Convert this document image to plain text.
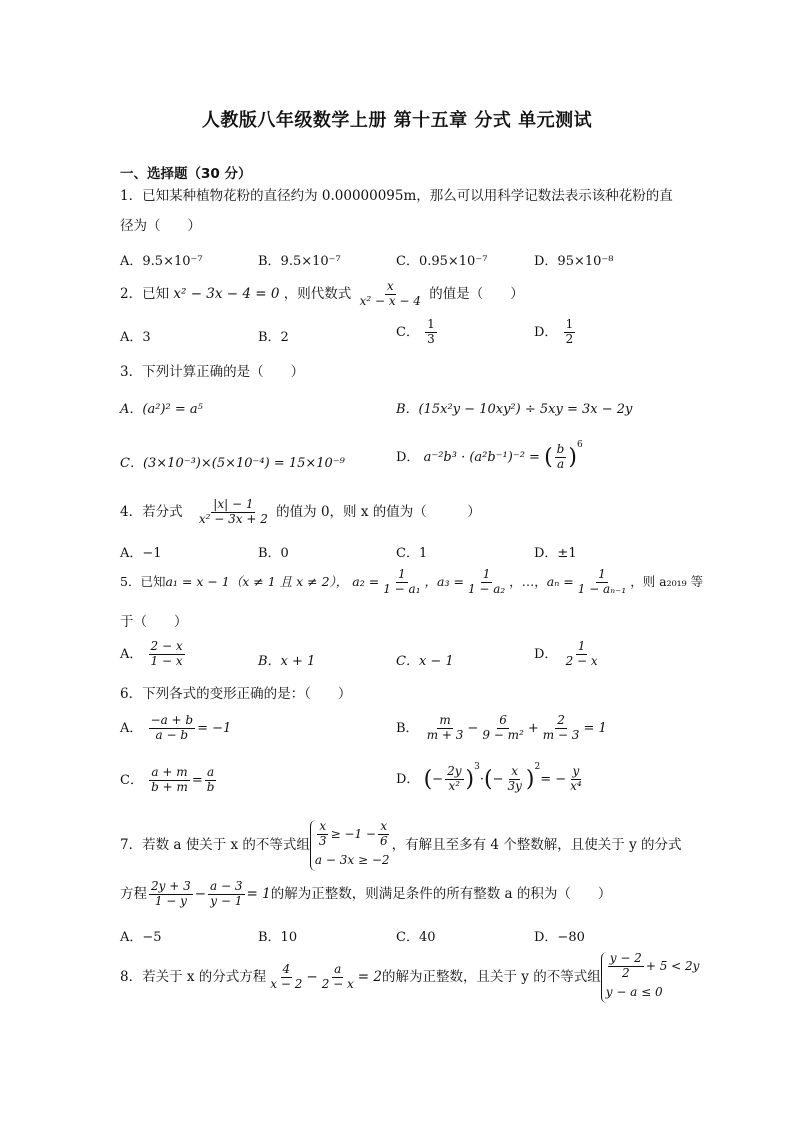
人教版八年级数学上册 第十五章 分式 单元测试
一、选择题（30 分）
1．已知某种植物花粉的直径约为 0.00000095m，那么可以用科学记数法表示该种花粉的直
径为（　　）
A．9.5×10⁻⁷	B．9.5×10⁻⁷	C．0.95×10⁻⁷	D．95×10⁻⁸
2．已知 x² − 3x − 4 = 0 ，则代数式 $\frac{x}{\text{x² − x − 4}}$ 的值是（　　）
A．3	B．2	C． $\frac{1}{3}$	D． $\frac{1}{2}$
3．下列计算正确的是（　　）
A．(a²)² = a⁵	B．(15x²y − 10xy²) ÷ 5xy = 3x − 2y
C．(3×10⁻³)×(5×10⁻⁴) = 15×10⁻⁹	D． a⁻²b³ · (a²b⁻¹)⁻² = ( $\frac{b}{a} )^6$
4．若分式 $\frac{|x| - 1}{\text{x² − 3x + 2}}$ 的值为 0，则 x 的值为（　　　）
A．−1	B．0	C．1	D．±1
5．已知a₁ = x − 1（x ≠ 1 且 x ≠ 2）， $a_2 = \frac{1}{\text{1 − a₁}}$ ，$a_3 = \frac{1}{\text{1 − a₂}}$ ，…，$a_n = \frac{1}{\text{1 − aₙ₋₁}}$ ，则 a₂₀₁₉ 等
于（　　）
A． $\frac{2 - x}{1 - x}$	B．x + 1	C．x − 1	D． $\frac{1}{2 - x}$
6．下列各式的变形正确的是：（　　）
A． $\frac{-a + b}{a - b} = -1$	B． $\frac{m}{m + 3} - \frac{6}{\text{9 − m²}} + \frac{2}{m - 3} = 1$
C． $\frac{a + m}{b + m} = \frac{a}{b}$	D． (− $\frac{2y}{\text{x²}} )^3\cdot(- \frac{x}{3y} )^2= - \frac{y}{\text{x⁴}}$
7．若数 a 使关于 x 的不等式组 $\frac{x}{3} \ge -1 - \frac{x}{6}$
a − 3x ≥ −2
，有解且至多有 4 个整数解，且使关于 y 的分式
方程 $\frac{2y + 3}{1 - y} - \frac{a - 3}{y - 1} = 1$的解为正整数，则满足条件的所有整数 a 的积为（　　）
A．−5	B．10	C．40	D．−80
8．若关于 x 的分式方程 $\frac{4}{x - 2} - \frac{a}{2 - x} = 2$的解为正整数，且关于 y 的不等式组 $\frac{y - 2}{2} + 5 < 2y$
y − a ≤ 0
